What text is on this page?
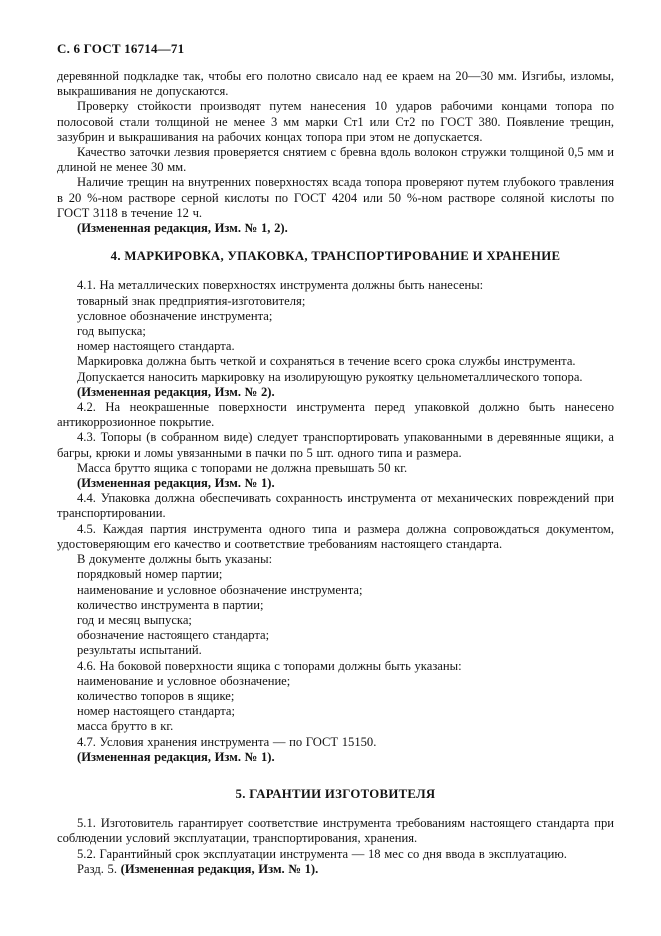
С. 6 ГОСТ 16714—71

деревянной подкладке так, чтобы его полотно свисало над ее краем на 20—30 мм. Изгибы, изломы, выкрашивания не допускаются.

Проверку стойкости производят путем нанесения 10 ударов рабочими концами топора по полосовой стали толщиной не менее 3 мм марки Ст1 или Ст2 по ГОСТ 380. Появление трещин, зазубрин и выкрашивания на рабочих концах топора при этом не допускается.

Качество заточки лезвия проверяется снятием с бревна вдоль волокон стружки толщиной 0,5 мм и длиной не менее 30 мм.

Наличие трещин на внутренних поверхностях всада топора проверяют путем глубокого травления в 20 %-ном растворе серной кислоты по ГОСТ 4204 или 50 %-ном растворе соляной кислоты по ГОСТ 3118 в течение 12 ч.

(Измененная редакция, Изм. № 1, 2).

4. МАРКИРОВКА, УПАКОВКА, ТРАНСПОРТИРОВАНИЕ И ХРАНЕНИЕ

4.1. На металлических поверхностях инструмента должны быть нанесены:

товарный знак предприятия-изготовителя;

условное обозначение инструмента;

год выпуска;

номер настоящего стандарта.

Маркировка должна быть четкой и сохраняться в течение всего срока службы инструмента.

Допускается наносить маркировку на изолирующую рукоятку цельнометаллического топора.

(Измененная редакция, Изм. № 2).

4.2. На неокрашенные поверхности инструмента перед упаковкой должно быть нанесено антикоррозионное покрытие.

4.3. Топоры (в собранном виде) следует транспортировать упакованными в деревянные ящики, а багры, крюки и ломы увязанными в пачки по 5 шт. одного типа и размера.

Масса брутто ящика с топорами не должна превышать 50 кг.

(Измененная редакция, Изм. № 1).

4.4. Упаковка должна обеспечивать сохранность инструмента от механических повреждений при транспортировании.

4.5. Каждая партия инструмента одного типа и размера должна сопровождаться документом, удостоверяющим его качество и соответствие требованиям настоящего стандарта.

В документе должны быть указаны:

порядковый номер партии;

наименование и условное обозначение инструмента;

количество инструмента в партии;

год и месяц выпуска;

обозначение настоящего стандарта;

результаты испытаний.

4.6. На боковой поверхности ящика с топорами должны быть указаны:

наименование и условное обозначение;

количество топоров в ящике;

номер настоящего стандарта;

масса брутто в кг.

4.7. Условия хранения инструмента — по ГОСТ 15150.

(Измененная редакция, Изм. № 1).

5. ГАРАНТИИ ИЗГОТОВИТЕЛЯ

5.1. Изготовитель гарантирует соответствие инструмента требованиям настоящего стандарта при соблюдении условий эксплуатации, транспортирования, хранения.

5.2. Гарантийный срок эксплуатации инструмента — 18 мес со дня ввода в эксплуатацию.

Разд. 5. (Измененная редакция, Изм. № 1).
